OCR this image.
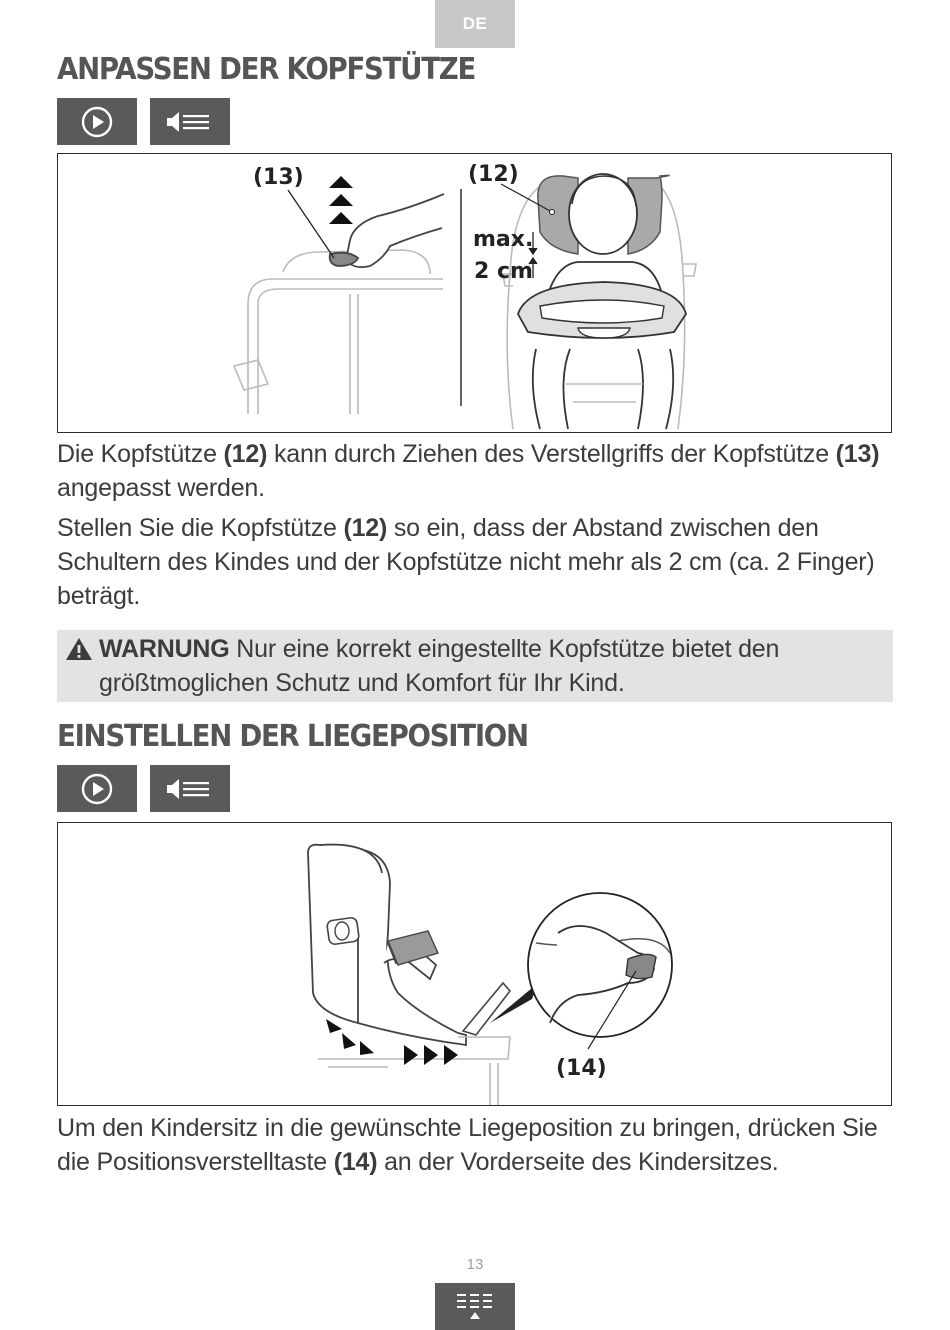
DE
ANPASSEN DER KOPFSTÜTZE
(13)	(12)
max.
2 cm

Die Kopfstütze (12) kann durch Ziehen des Verstellgriffs der Kopfstütze (13) angepasst werden.

Stellen Sie die Kopfstütze (12) so ein, dass der Abstand zwischen den Schultern des Kindes und der Kopfstütze nicht mehr als 2 cm (ca. 2 Finger) beträgt.

WARNUNG Nur eine korrekt eingestellte Kopfstütze bietet den größtmoglichen Schutz und Komfort für Ihr Kind.

EINSTELLEN DER LIEGEPOSITION
(14)

Um den Kindersitz in die gewünschte Liegeposition zu bringen, drücken Sie die Positionsverstelltaste (14) an der Vorderseite des Kindersitzes.

13
